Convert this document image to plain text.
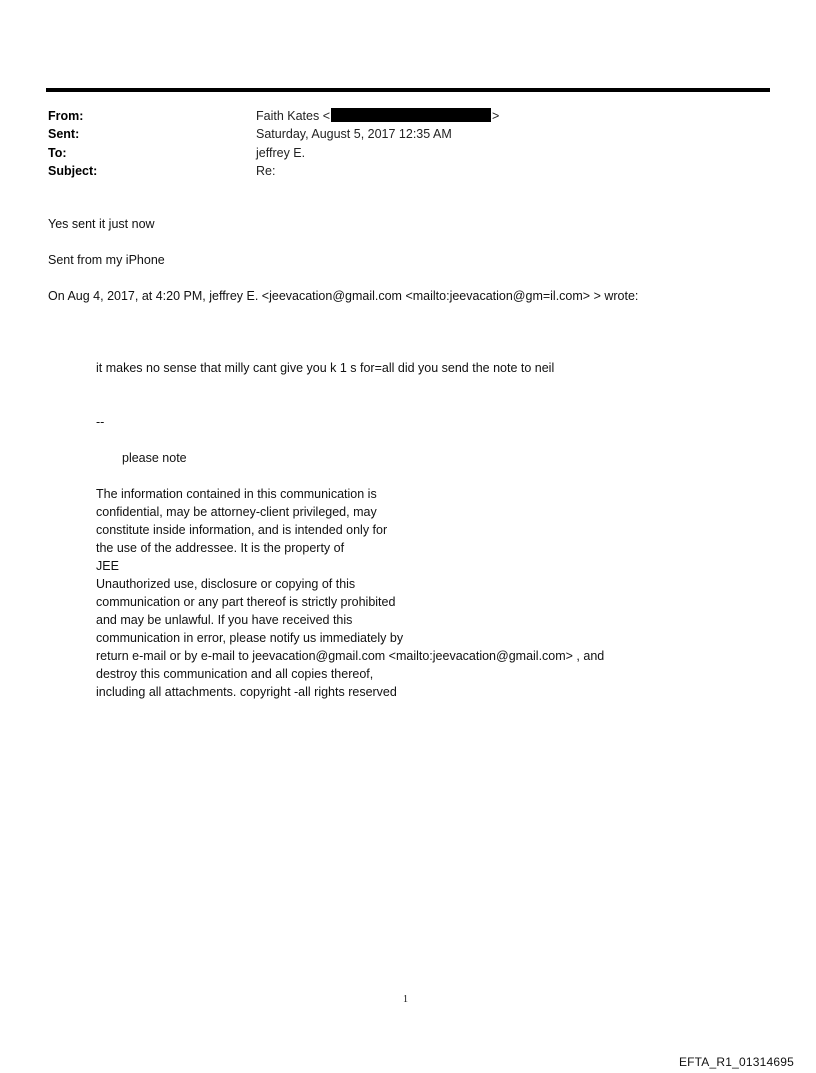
From:	Faith Kates <	>
Sent:	Saturday, August 5, 2017 12:35 AM
To:	jeffrey E.
Subject:	Re:
Yes sent it just now
Sent from my iPhone
On Aug 4, 2017, at 4:20 PM, jeffrey E. <jeevacation@gmail.com <mailto:jeevacation@gm=il.com> > wrote:
it makes no sense that milly cant give you k 1 s for=all did you send the note to neil
--
please note
The information contained in this communication is
confidential, may be attorney-client privileged, may
constitute inside information, and is intended only for
the use of the addressee. It is the property of
JEE
Unauthorized use, disclosure or copying of this
communication or any part thereof is strictly prohibited
and may be unlawful. If you have received this
communication in error, please notify us immediately by
return e-mail or by e-mail to jeevacation@gmail.com <mailto:jeevacation@gmail.com> , and
destroy this communication and all copies thereof,
including all attachments. copyright -all rights reserved
1
EFTA_R1_01314695
